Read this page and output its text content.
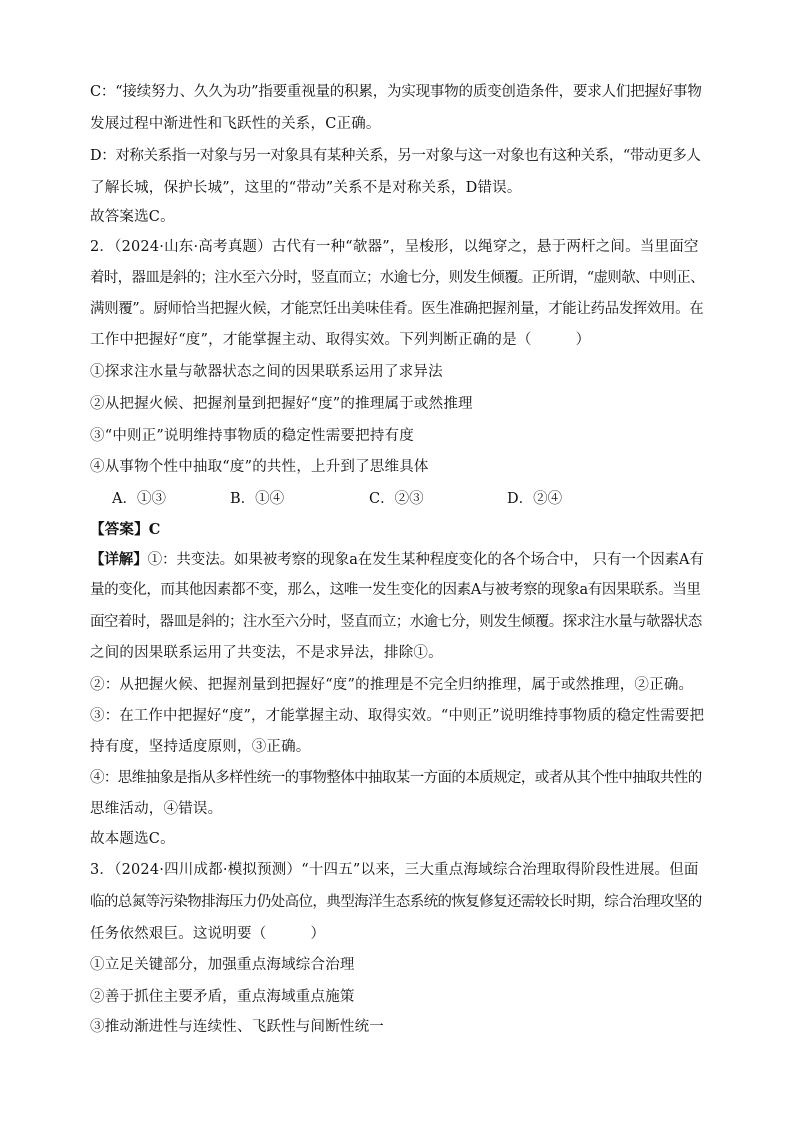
C：“接续努力、久久为功”指要重视量的积累，为实现事物的质变创造条件，要求人们把握好事物
发展过程中渐进性和飞跃性的关系，C正确。
D：对称关系指一对象与另一对象具有某种关系，另一对象与这一对象也有这种关系，“带动更多人
了解长城，保护长城”，这里的“带动”关系不是对称关系，D错误。
故答案选C。
2．（2024·山东·高考真题）古代有一种“欹器”，呈梭形，以绳穿之，悬于两杆之间。当里面空
着时，器皿是斜的；注水至六分时，竖直而立；水逾七分，则发生倾覆。正所谓，“虚则欹、中则正、
满则覆”。厨师恰当把握火候，才能烹饪出美味佳肴。医生准确把握剂量，才能让药品发挥效用。在
工作中把握好“度”，才能掌握主动、取得实效。下列判断正确的是（　　　）
①探求注水量与欹器状态之间的因果联系运用了求异法
②从把握火候、把握剂量到把握好“度”的推理属于或然推理
③“中则正”说明维持事物质的稳定性需要把持有度
④从事物个性中抽取“度”的共性，上升到了思维具体
A．①③	B．①④	C．②③	D．②④
【答案】C
【详解】①：共变法。如果被考察的现象a在发生某种程度变化的各个场合中， 只有一个因素A有
量的变化，而其他因素都不变，那么，这唯一发生变化的因素A与被考察的现象a有因果联系。当里
面空着时，器皿是斜的；注水至六分时，竖直而立；水逾七分，则发生倾覆。探求注水量与欹器状态
之间的因果联系运用了共变法，不是求异法，排除①。
②：从把握火候、把握剂量到把握好“度”的推理是不完全归纳推理，属于或然推理，②正确。
③：在工作中把握好“度”，才能掌握主动、取得实效。“中则正”说明维持事物质的稳定性需要把
持有度，坚持适度原则，③正确。
④：思维抽象是指从多样性统一的事物整体中抽取某一方面的本质规定，或者从其个性中抽取共性的
思维活动，④错误。
故本题选C。
3．（2024·四川成都·模拟预测）“十四五”以来，三大重点海域综合治理取得阶段性进展。但面
临的总氮等污染物排海压力仍处高位，典型海洋生态系统的恢复修复还需较长时期，综合治理攻坚的
任务依然艰巨。这说明要（　　　）
①立足关键部分，加强重点海域综合治理
②善于抓住主要矛盾，重点海域重点施策
③推动渐进性与连续性、飞跃性与间断性统一
